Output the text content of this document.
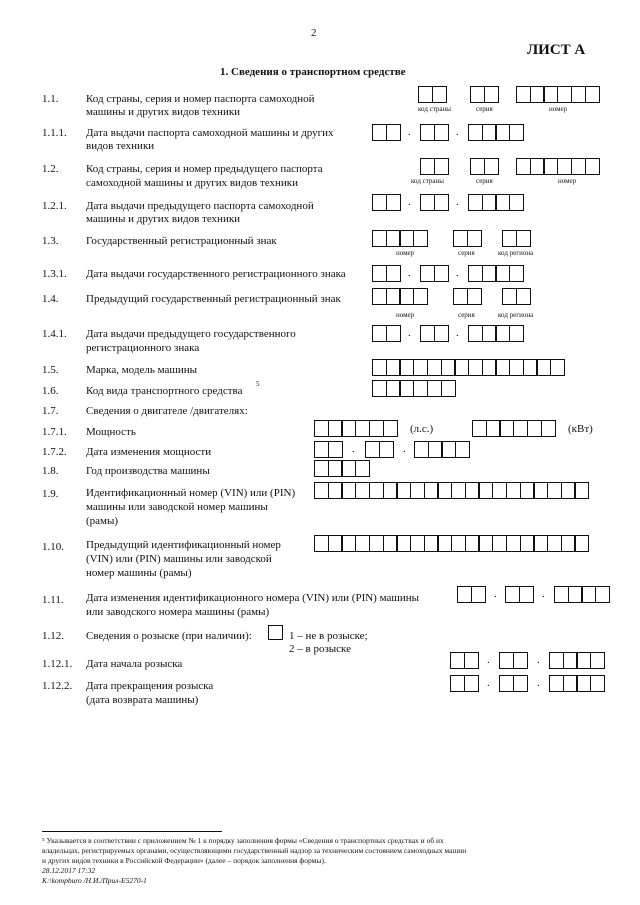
2
ЛИСТ А
1. Сведения о транспортном средстве
1.1.	Код страны, серия и номер паспорта самоходной
машины и других видов техники	код страны	серия	номер
1.1.1. Дата выдачи паспорта самоходной машины и других
видов техники
.	.
1.2.	Код страны, серия и номер предыдущего паспорта
самоходной машины и других видов техники	код страны	серия	номер
1.2.1. Дата выдачи предыдущего паспорта самоходной
машины и других видов техники
.	.
1.3.	Государственный регистрационный знак
номер	серия	код региона
1.3.1. Дата выдачи государственного регистрационного знака	.	.
1.4.	Предыдущий государственный регистрационный знак
номер	серия	код региона
1.4.1. Дата выдачи предыдущего государственного
регистрационного знака
.	.
1.5.	Марка, модель машины
1.6.	Код вида транспортного средства
5
1.7.	Сведения о двигателе /двигателях:
1.7.1. Мощность	(л.с.)	(кВт)
1.7.2. Дата изменения мощности	.	.
1.8.	Год производства машины
1.9.	Идентификационный номер (VIN) или (PIN)
машины или заводской номер машины
(рамы)
1.10. Предыдущий идентификационный номер
(VIN) или (PIN) машины или заводской
номер машины (рамы)
1.11. Дата изменения идентификационного номера (VIN) или (PIN) машины
или заводского номера машины (рамы)
.	.
1.12. Сведения о розыске (при наличии):	1 – не в розыске;
2 – в розыске
1.12.1. Дата начала розыска	.	.
1.12.2. Дата прекращения розыска
(дата возврата машины)
.	.
⁵ Указывается в соответствии с приложением № 1 к порядку заполнения формы «Сведения о транспортных средствах и об их
владельцах, регистрируемых органами, осуществляющими государственный надзор за техническим состоянием самоходных машин
и других видов техники в Российской Федерации» (далее – порядок заполнения формы).
28.12.2017 17:32
K:\kompburo /Н.И./Прил-E5270-1
